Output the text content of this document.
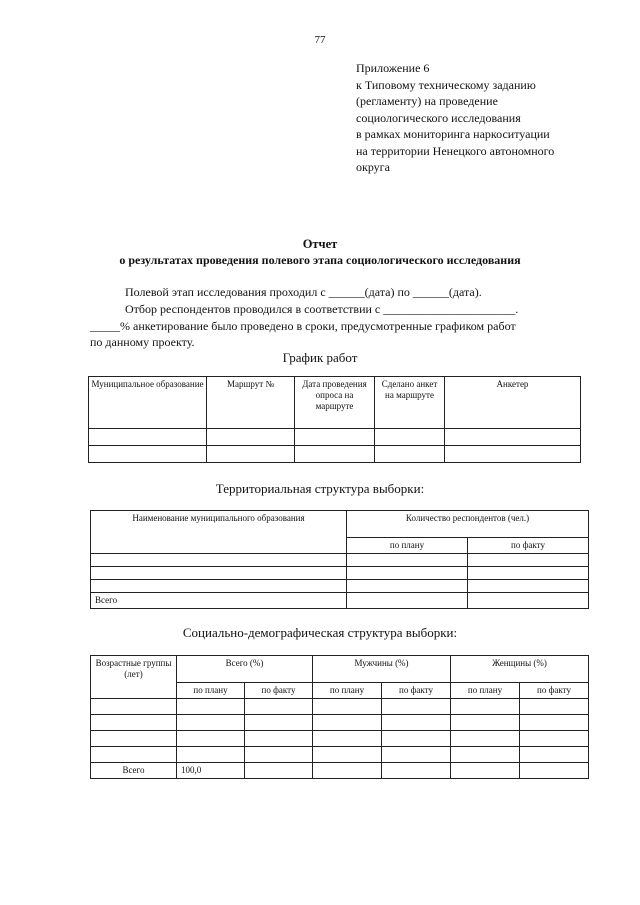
77
Приложение 6
к Типовому техническому заданию
(регламенту) на проведение
социологического исследования
в рамках мониторинга наркоситуации
на территории Ненецкого автономного
округа
Отчет
о результатах проведения полевого этапа социологического исследования
Полевой этап исследования проходил с ______(дата) по ______(дата).
Отбор респондентов проводился в соответствии с ______________________.
_____% анкетирование было проведено в сроки, предусмотренные графиком работ
по данному проекту.
График работ
Муниципальное образование	Маршрут №	Дата проведения опроса на маршруте	Сделано анкет на маршруте	Анкетер

Территориальная структура выборки:
Наименование муниципального образования	Количество респондентов (чел.)	
	по плану	по факту

Всего		
Социально-демографическая структура выборки:
Возрастные группы (лет)	Всего (%)		Мужчины (%)		Женщины (%)	
	по плану	по факту	по плану	по факту	по плану	по факту

Всего	100,0					
